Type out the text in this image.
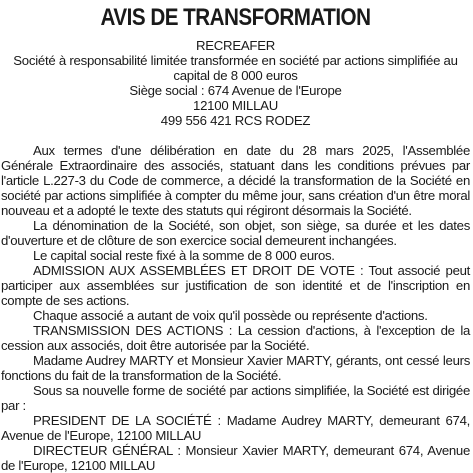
AVIS DE TRANSFORMATION
RECREAFER
Société à responsabilité limitée transformée en société par actions simplifiée au capital de 8 000 euros
Siège social : 674 Avenue de l'Europe
12100 MILLAU
499 556 421 RCS RODEZ

Aux termes d'une délibération en date du 28 mars 2025, l'Assemblée Générale Extraordinaire des associés, statuant dans les conditions prévues par l'article L.227-3 du Code de commerce, a décidé la transformation de la Société en société par actions simplifiée à compter du même jour, sans création d'un être moral nouveau et a adopté le texte des statuts qui régiront désormais la Société.

La dénomination de la Société, son objet, son siège, sa durée et les dates d'ouverture et de clôture de son exercice social demeurent inchangées.

Le capital social reste fixé à la somme de 8 000 euros.

ADMISSION AUX ASSEMBLÉES ET DROIT DE VOTE : Tout associé peut participer aux assemblées sur justification de son identité et de l'inscription en compte de ses actions.

Chaque associé a autant de voix qu'il possède ou représente d'actions.

TRANSMISSION DES ACTIONS : La cession d'actions, à l'exception de la cession aux associés, doit être autorisée par la Société.

Madame Audrey MARTY et Monsieur Xavier MARTY, gérants, ont cessé leurs fonctions du fait de la transformation de la Société.

Sous sa nouvelle forme de société par actions simplifiée, la Société est dirigée par :

PRESIDENT DE LA SOCIÉTÉ : Madame Audrey MARTY, demeurant 674, Avenue de l'Europe, 12100 MILLAU

DIRECTEUR GÉNÉRAL : Monsieur Xavier MARTY, demeurant 674, Avenue de l'Europe, 12100 MILLAU
